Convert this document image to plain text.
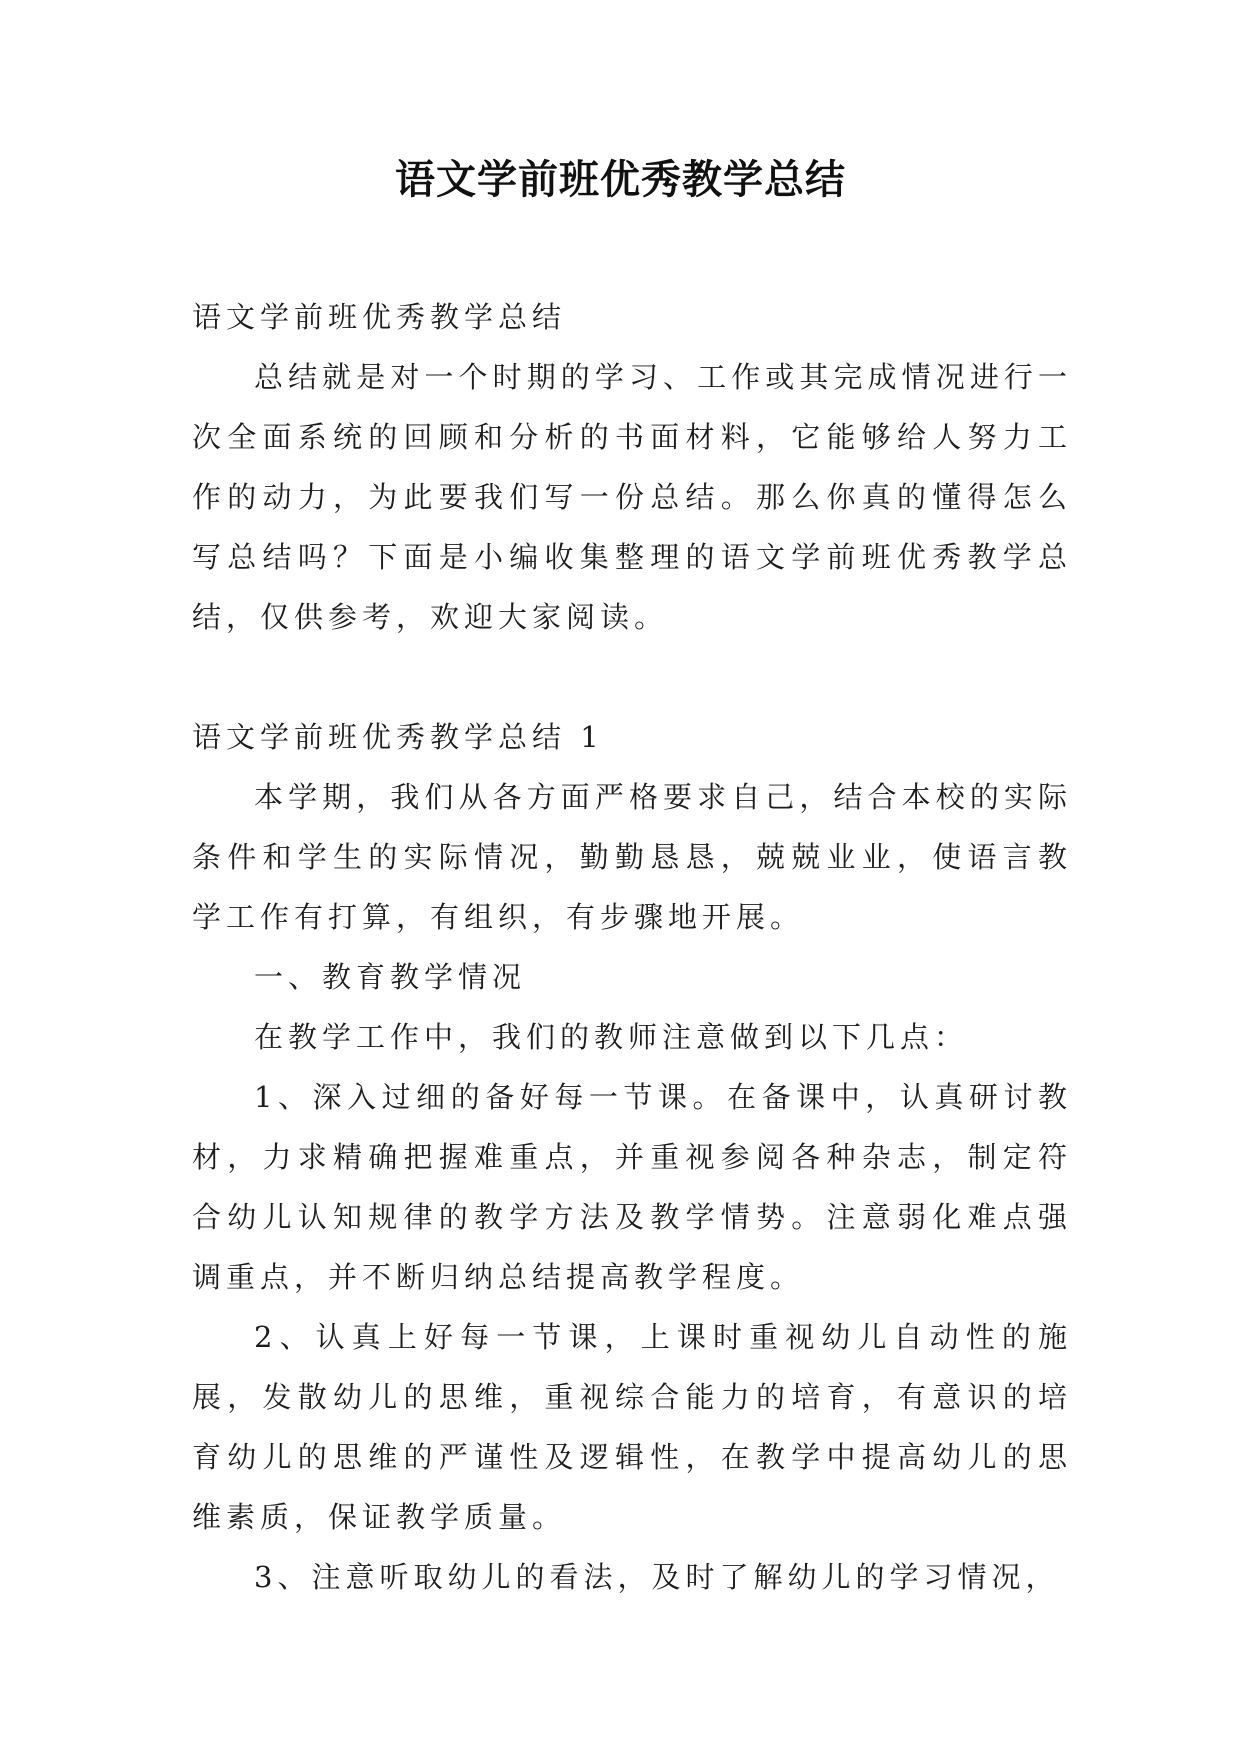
语文学前班优秀教学总结

语文学前班优秀教学总结

总结就是对一个时期的学习、工作或其完成情况进行一次全面系统的回顾和分析的书面材料，它能够给人努力工作的动力，为此要我们写一份总结。那么你真的懂得怎么写总结吗？下面是小编收集整理的语文学前班优秀教学总结，仅供参考，欢迎大家阅读。

语文学前班优秀教学总结 1

本学期，我们从各方面严格要求自己，结合本校的实际条件和学生的实际情况，勤勤恳恳，兢兢业业，使语言教学工作有打算，有组织，有步骤地开展。

一、教育教学情况

在教学工作中，我们的教师注意做到以下几点：

1、深入过细的备好每一节课。在备课中，认真研讨教材，力求精确把握难重点，并重视参阅各种杂志，制定符合幼儿认知规律的教学方法及教学情势。注意弱化难点强调重点，并不断归纳总结提高教学程度。

2、认真上好每一节课，上课时重视幼儿自动性的施展，发散幼儿的思维，重视综合能力的培育，有意识的培育幼儿的思维的严谨性及逻辑性，在教学中提高幼儿的思维素质，保证教学质量。

3、注意听取幼儿的看法，及时了解幼儿的学习情况，
